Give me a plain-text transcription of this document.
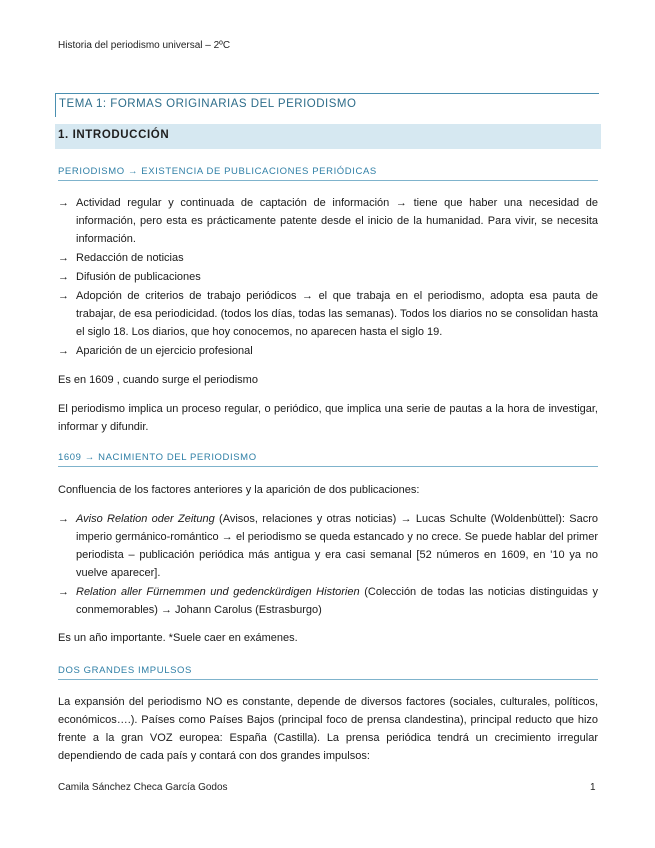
Historia del periodismo universal – 2ºC
TEMA 1: FORMAS ORIGINARIAS DEL PERIODISMO
1. INTRODUCCIÓN
PERIODISMO → EXISTENCIA DE PUBLICACIONES PERIÓDICAS
→ Actividad regular y continuada de captación de información → tiene que haber una necesidad de información, pero esta es prácticamente patente desde el inicio de la humanidad. Para vivir, se necesita información.
→ Redacción de noticias
→ Difusión de publicaciones
→ Adopción de criterios de trabajo periódicos → el que trabaja en el periodismo, adopta esa pauta de trabajar, de esa periodicidad. (todos los días, todas las semanas). Todos los diarios no se consolidan hasta el siglo 18. Los diarios, que hoy conocemos, no aparecen hasta el siglo 19.
→ Aparición de un ejercicio profesional
Es en 1609 , cuando surge el periodismo
El periodismo implica un proceso regular, o periódico, que implica una serie de pautas a la hora de investigar, informar y difundir.
1609 → NACIMIENTO DEL PERIODISMO
Confluencia de los factores anteriores y la aparición de dos publicaciones:
→ Aviso Relation oder Zeitung (Avisos, relaciones y otras noticias) → Lucas Schulte (Woldenbüttel): Sacro imperio germánico-romántico → el periodismo se queda estancado y no crece. Se puede hablar del primer periodista – publicación periódica más antigua y era casi semanal [52 números en 1609, en '10 ya no vuelve aparecer].
→ Relation aller Fürnemmen und gedenckürdigen Historien (Colección de todas las noticias distinguidas y conmemorables) → Johann Carolus (Estrasburgo)
Es un año importante. *Suele caer en exámenes.
DOS GRANDES IMPULSOS
La expansión del periodismo NO es constante, depende de diversos factores (sociales, culturales, políticos, económicos….). Países como Países Bajos (principal foco de prensa clandestina), principal reducto que hizo frente a la gran VOZ europea: España (Castilla). La prensa periódica tendrá un crecimiento irregular dependiendo de cada país y contará con dos grandes impulsos:
Camila Sánchez Checa García Godos	1
